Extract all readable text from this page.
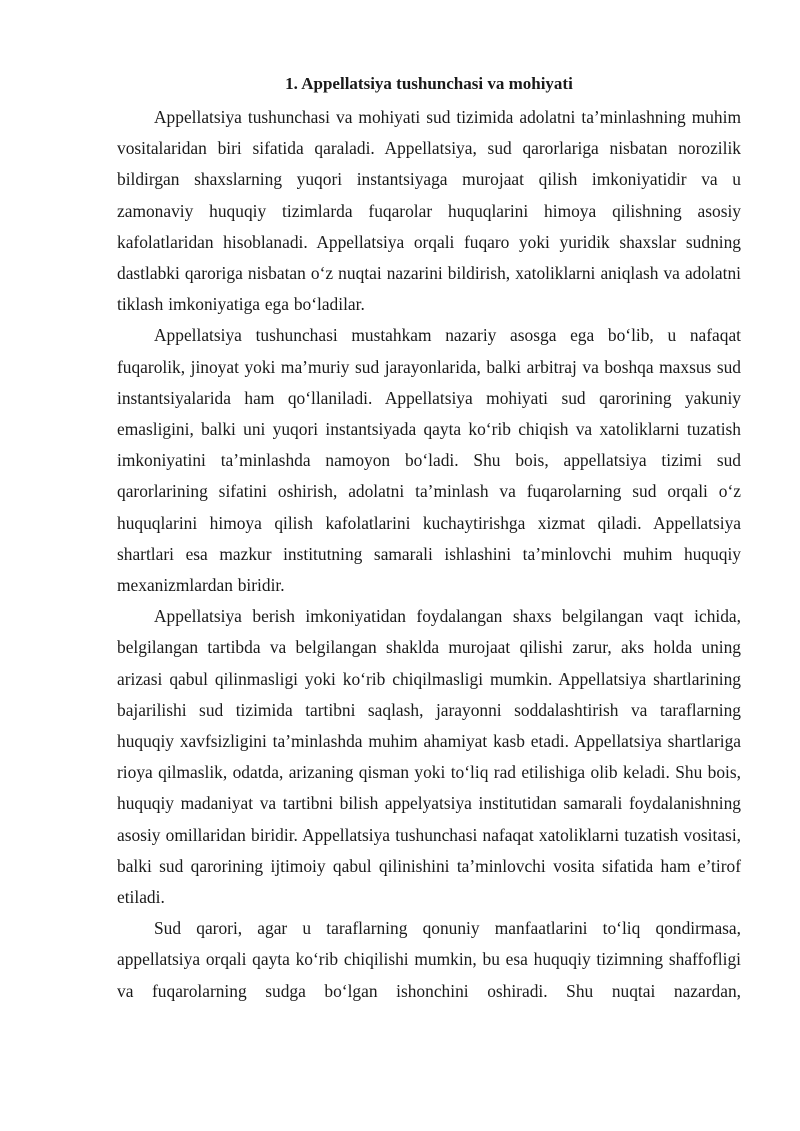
1. Appellatsiya tushunchasi va mohiyati

Appellatsiya tushunchasi va mohiyati sud tizimida adolatni ta’minlashning muhim vositalaridan biri sifatida qaraladi. Appellatsiya, sud qarorlariga nisbatan norozilik bildirgan shaxslarning yuqori instantsiyaga murojaat qilish imkoniyatidir va u zamonaviy huquqiy tizimlarda fuqarolar huquqlarini himoya qilishning asosiy kafolatlaridan hisoblanadi. Appellatsiya orqali fuqaro yoki yuridik shaxslar sudning dastlabki qaroriga nisbatan o‘z nuqtai nazarini bildirish, xatoliklarni aniqlash va adolatni tiklash imkoniyatiga ega bo‘ladilar.

Appellatsiya tushunchasi mustahkam nazariy asosga ega bo‘lib, u nafaqat fuqarolik, jinoyat yoki ma’muriy sud jarayonlarida, balki arbitraj va boshqa maxsus sud instantsiyalarida ham qo‘llaniladi. Appellatsiya mohiyati sud qarorining yakuniy emasligini, balki uni yuqori instantsiyada qayta ko‘rib chiqish va xatoliklarni tuzatish imkoniyatini ta’minlashda namoyon bo‘ladi. Shu bois, appellatsiya tizimi sud qarorlarining sifatini oshirish, adolatni ta’minlash va fuqarolarning sud orqali o‘z huquqlarini himoya qilish kafolatlarini kuchaytirishga xizmat qiladi. Appellatsiya shartlari esa mazkur institutning samarali ishlashini ta’minlovchi muhim huquqiy mexanizmlardan biridir.

Appellatsiya berish imkoniyatidan foydalangan shaxs belgilangan vaqt ichida, belgilangan tartibda va belgilangan shaklda murojaat qilishi zarur, aks holda uning arizasi qabul qilinmasligi yoki ko‘rib chiqilmasligi mumkin. Appellatsiya shartlarining bajarilishi sud tizimida tartibni saqlash, jarayonni soddalashtirish va taraflarning huquqiy xavfsizligini ta’minlashda muhim ahamiyat kasb etadi. Appellatsiya shartlariga rioya qilmaslik, odatda, arizaning qisman yoki to‘liq rad etilishiga olib keladi. Shu bois, huquqiy madaniyat va tartibni bilish appelyatsiya institutidan samarali foydalanishning asosiy omillaridan biridir. Appellatsiya tushunchasi nafaqat xatoliklarni tuzatish vositasi, balki sud qarorining ijtimoiy qabul qilinishini ta’minlovchi vosita sifatida ham e’tirof etiladi.

Sud qarori, agar u taraflarning qonuniy manfaatlarini to‘liq qondirmasa, appellatsiya orqali qayta ko‘rib chiqilishi mumkin, bu esa huquqiy tizimning shaffofligi va fuqarolarning sudga bo‘lgan ishonchini oshiradi. Shu nuqtai nazardan,
